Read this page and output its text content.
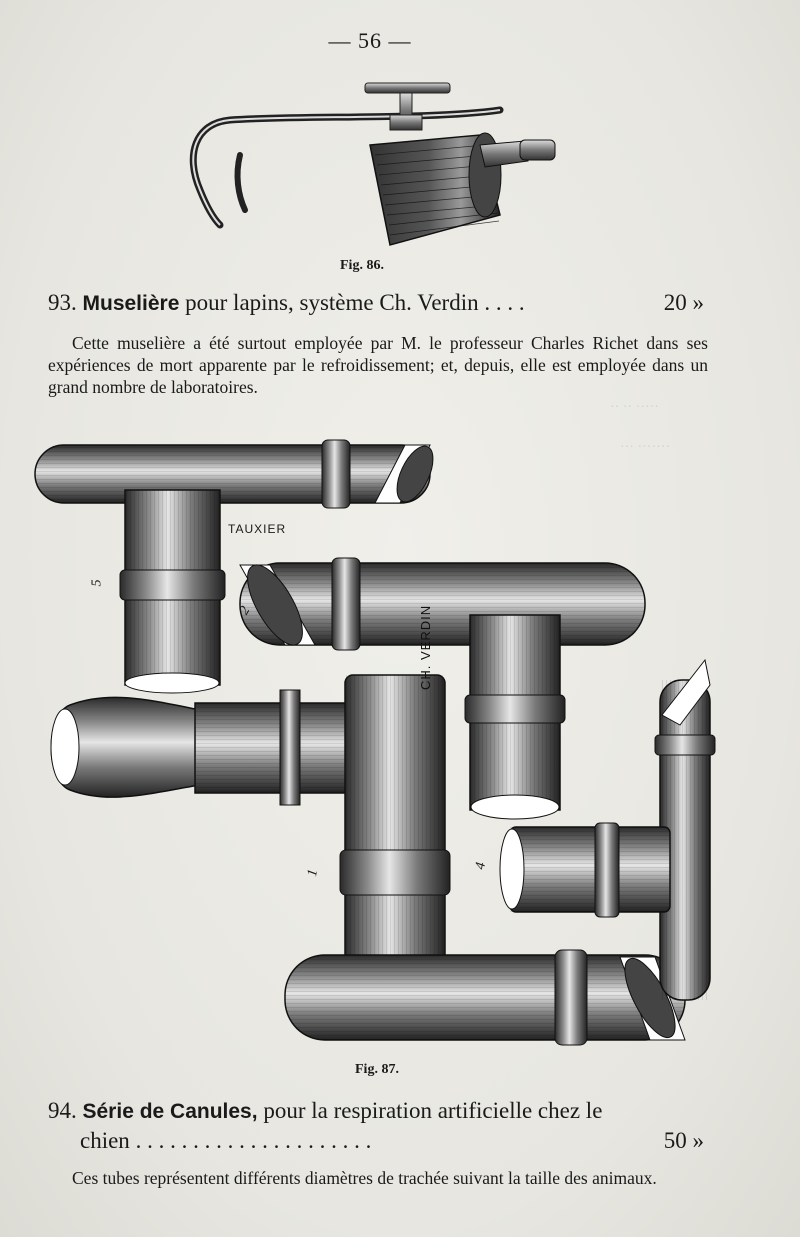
·· ·· ·····
··· ·······
— 56 —
Fig. 86.
93. Muselière pour lapins, système Ch. Verdin . . . .	20 »
Cette muselière a été surtout employée par M. le professeur Charles Richet dans ses expériences de mort apparente par le refroidissement; et, depuis, elle est employée dans un grand nombre de laboratoires.
TAUXIER
CH. VERDIN
5
2
1
4
Fig. 87.
94. Série de Canules, pour la respiration artificielle chez le
chien . . . . . . . . . . . . . . . . . . . . .	50 »
Ces tubes représentent différents diamètres de trachée suivant la taille des animaux.
